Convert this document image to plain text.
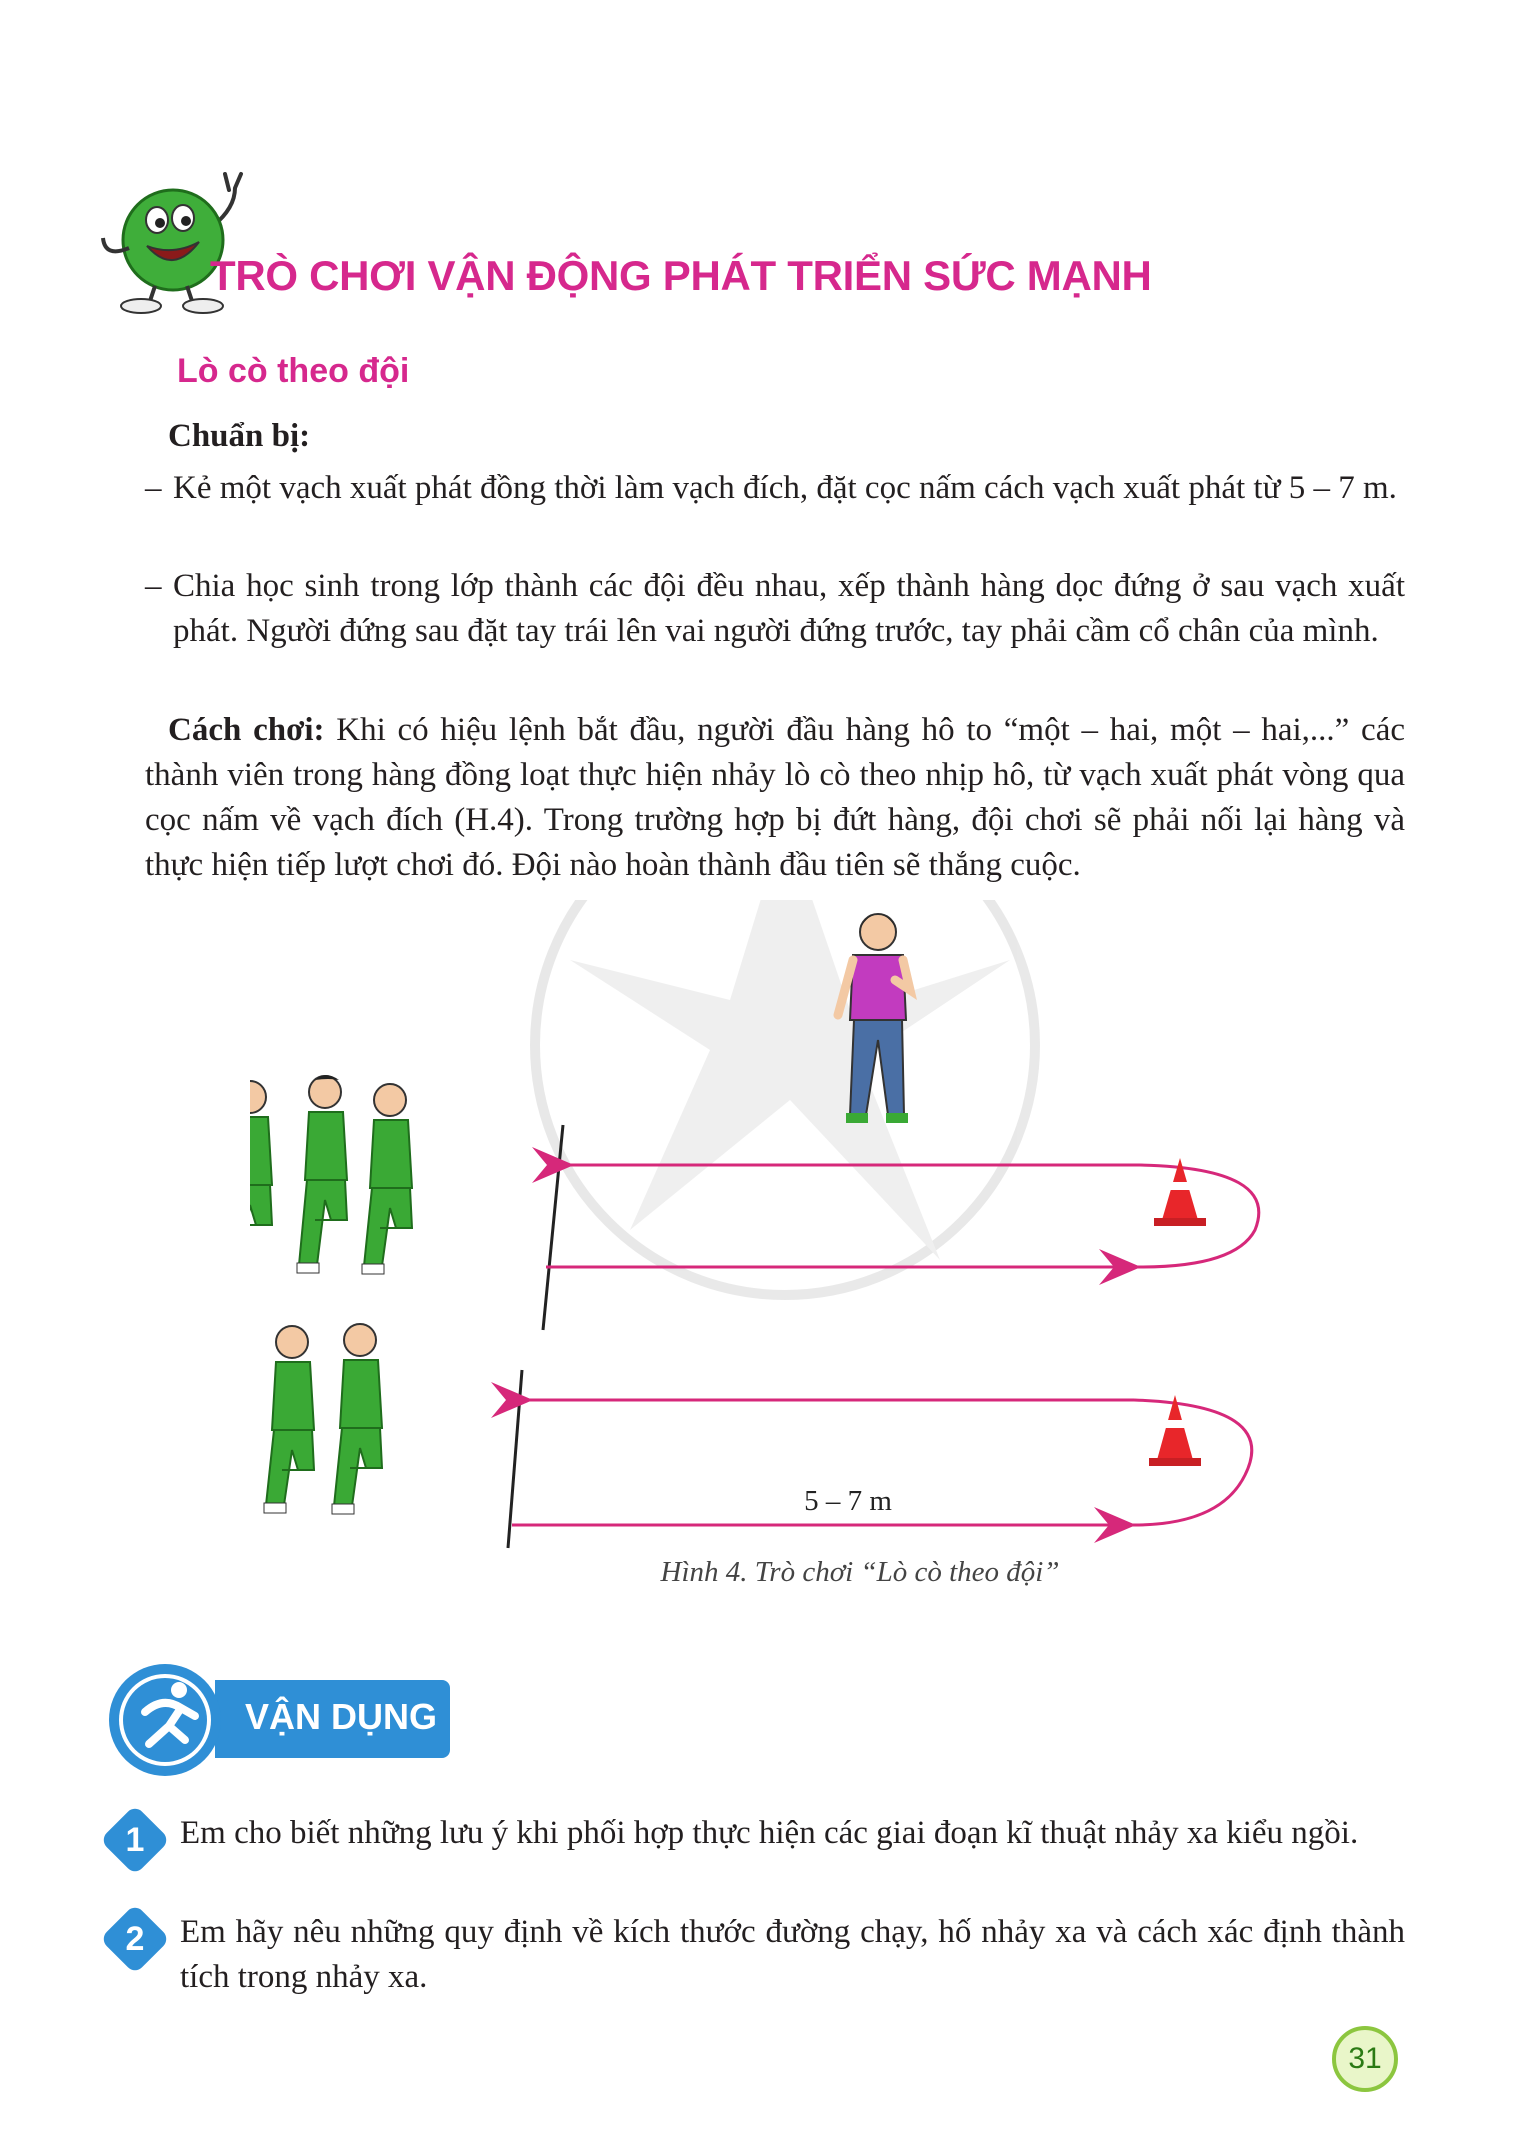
TRÒ CHƠI VẬN ĐỘNG PHÁT TRIỂN SỨC MẠNH
Lò cò theo đội
Chuẩn bị:
– Kẻ một vạch xuất phát đồng thời làm vạch đích, đặt cọc nấm cách vạch xuất phát từ 5 – 7 m.
– Chia học sinh trong lớp thành các đội đều nhau, xếp thành hàng dọc đứng ở sau vạch xuất phát. Người đứng sau đặt tay trái lên vai người đứng trước, tay phải cầm cổ chân của mình.
Cách chơi: Khi có hiệu lệnh bắt đầu, người đầu hàng hô to “một – hai, một – hai,...” các thành viên trong hàng đồng loạt thực hiện nhảy lò cò theo nhịp hô, từ vạch xuất phát vòng qua cọc nấm về vạch đích (H.4). Trong trường hợp bị đứt hàng, đội chơi sẽ phải nối lại hàng và thực hiện tiếp lượt chơi đó. Đội nào hoàn thành đầu tiên sẽ thắng cuộc.
5 – 7 m
Hình 4. Trò chơi “Lò cò theo đội”
VẬN DỤNG
1	Em cho biết những lưu ý khi phối hợp thực hiện các giai đoạn kĩ thuật nhảy xa kiểu ngồi.
2	Em hãy nêu những quy định về kích thước đường chạy, hố nhảy xa và cách xác định thành tích trong nhảy xa.
31
